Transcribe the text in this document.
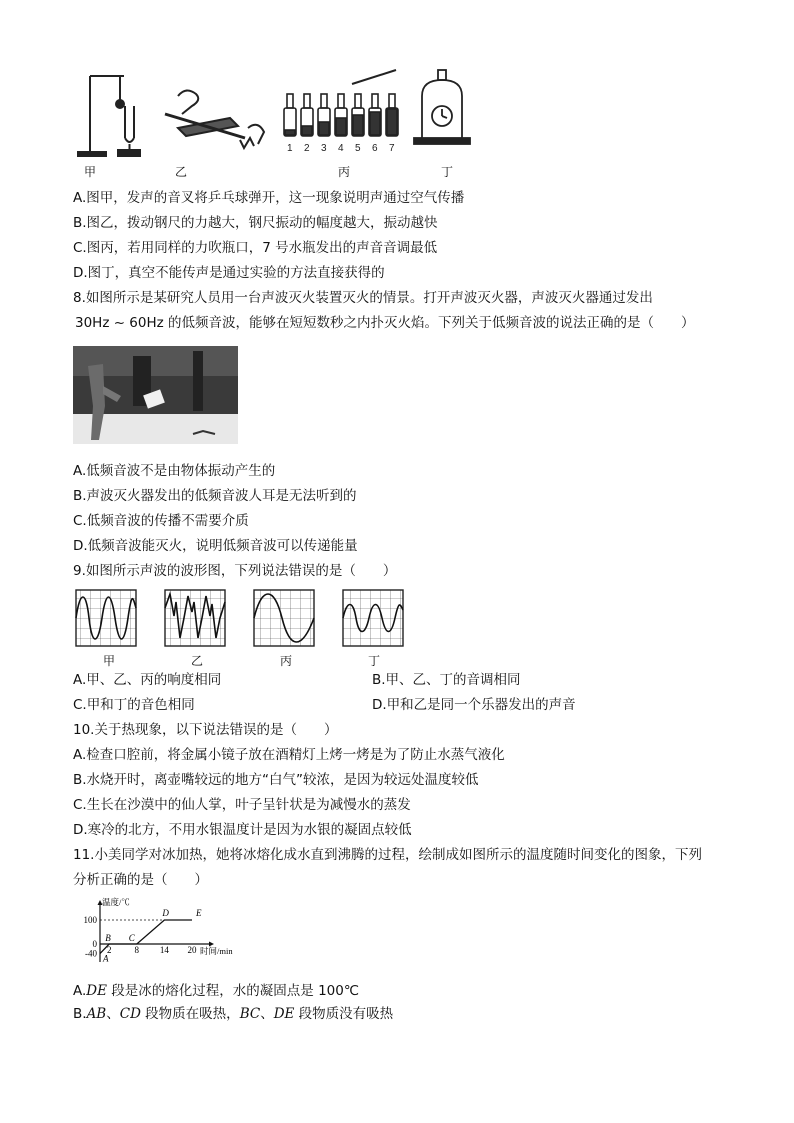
1 2 3 4 5 6 7
甲	乙	丙	丁
A.图甲，发声的音叉将乒乓球弹开，这一现象说明声通过空气传播
B.图乙，拨动钢尺的力越大，钢尺振动的幅度越大，振动越快
C.图丙，若用同样的力吹瓶口，7 号水瓶发出的声音音调最低
D.图丁，真空不能传声是通过实验的方法直接获得的
8.如图所示是某研究人员用一台声波灭火装置灭火的情景。打开声波灭火器，声波灭火器通过发出
30Hz ~ 60Hz 的低频音波，能够在短短数秒之内扑灭火焰。下列关于低频音波的说法正确的是（　　）
A.低频音波不是由物体振动产生的
B.声波灭火器发出的低频音波人耳是无法听到的
C.低频音波的传播不需要介质
D.低频音波能灭火，说明低频音波可以传递能量
9.如图所示声波的波形图，下列说法错误的是（　　）
甲	乙	丙	丁
A.甲、乙、丙的响度相同	B.甲、乙、丁的音调相同
C.甲和丁的音色相同	D.甲和乙是同一个乐器发出的声音
10.关于热现象，以下说法错误的是（　　）
A.检查口腔前，将金属小镜子放在酒精灯上烤一烤是为了防止水蒸气液化
B.水烧开时，离壶嘴较远的地方“白气”较浓，是因为较远处温度较低
C.生长在沙漠中的仙人掌，叶子呈针状是为减慢水的蒸发
D.寒冷的北方，不用水银温度计是因为水银的凝固点较低
11.小美同学对冰加热，她将冰熔化成水直到沸腾的过程，绘制成如图所示的温度随时间变化的图象，下列
分析正确的是（　　）
温度/℃
时间/min
100
0
-40 2	8 14 20
A
B C
D	E
A.DE 段是冰的熔化过程，水的凝固点是 100℃
B.AB、CD 段物质在吸热，BC、DE 段物质没有吸热
